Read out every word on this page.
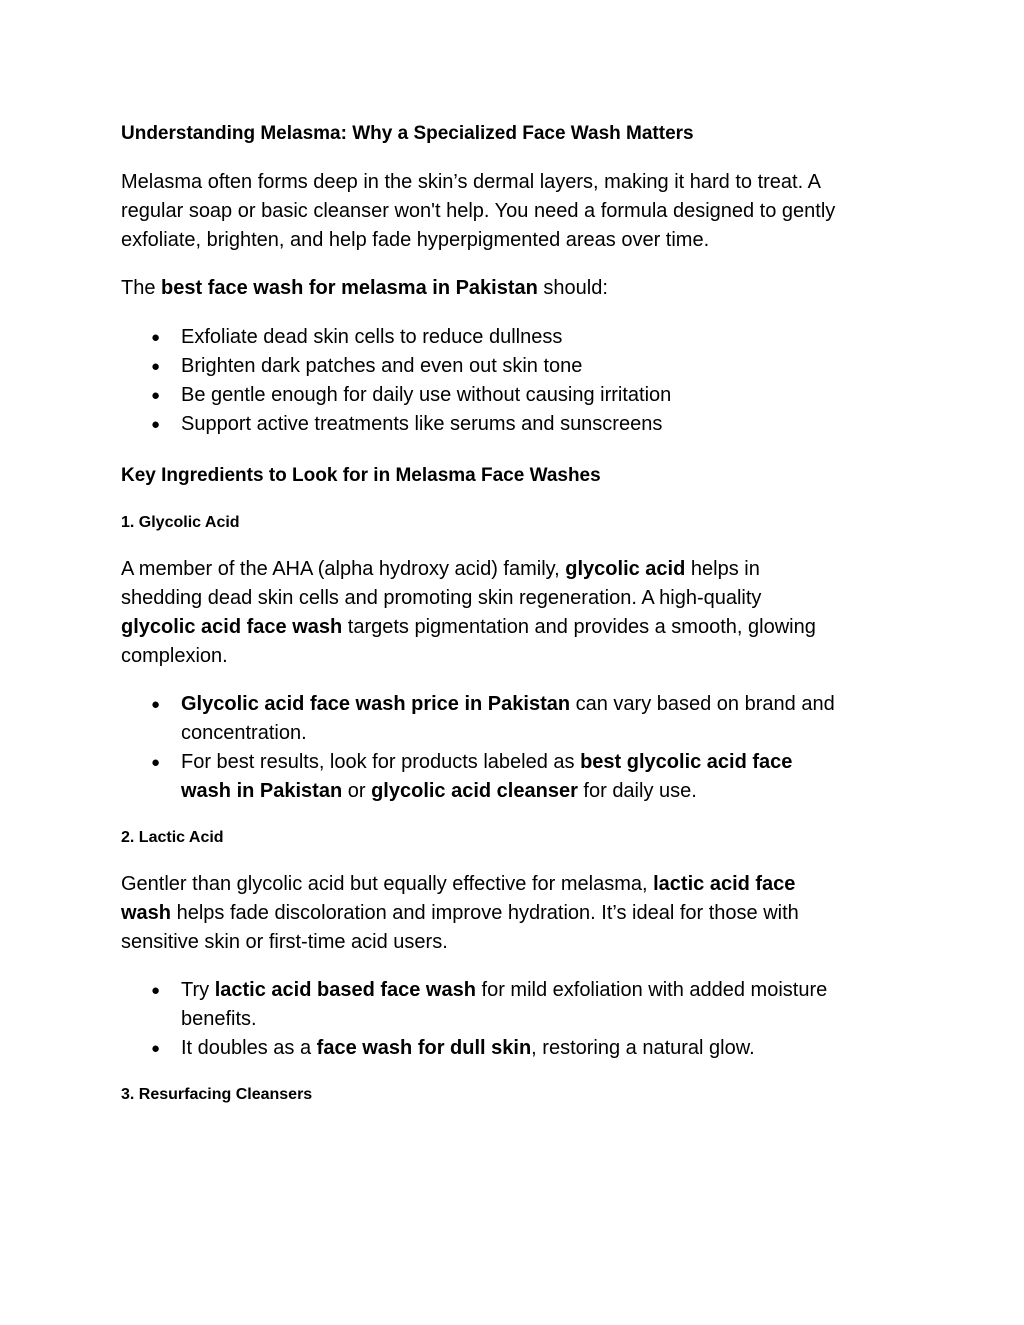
Understanding Melasma: Why a Specialized Face Wash Matters

Melasma often forms deep in the skin’s dermal layers, making it hard to treat. A
regular soap or basic cleanser won't help. You need a formula designed to gently
exfoliate, brighten, and help fade hyperpigmented areas over time.

The best face wash for melasma in Pakistan should:

● Exfoliate dead skin cells to reduce dullness
● Brighten dark patches and even out skin tone
● Be gentle enough for daily use without causing irritation
● Support active treatments like serums and sunscreens
Key Ingredients to Look for in Melasma Face Washes
1. Glycolic Acid

A member of the AHA (alpha hydroxy acid) family, glycolic acid helps in
shedding dead skin cells and promoting skin regeneration. A high-quality
glycolic acid face wash targets pigmentation and provides a smooth, glowing
complexion.

● Glycolic acid face wash price in Pakistan can vary based on brand and
concentration.
● For best results, look for products labeled as best glycolic acid face
wash in Pakistan or glycolic acid cleanser for daily use.
2. Lactic Acid

Gentler than glycolic acid but equally effective for melasma, lactic acid face
wash helps fade discoloration and improve hydration. It’s ideal for those with
sensitive skin or first-time acid users.

● Try lactic acid based face wash for mild exfoliation with added moisture
benefits.
● It doubles as a face wash for dull skin, restoring a natural glow.
3. Resurfacing Cleansers
